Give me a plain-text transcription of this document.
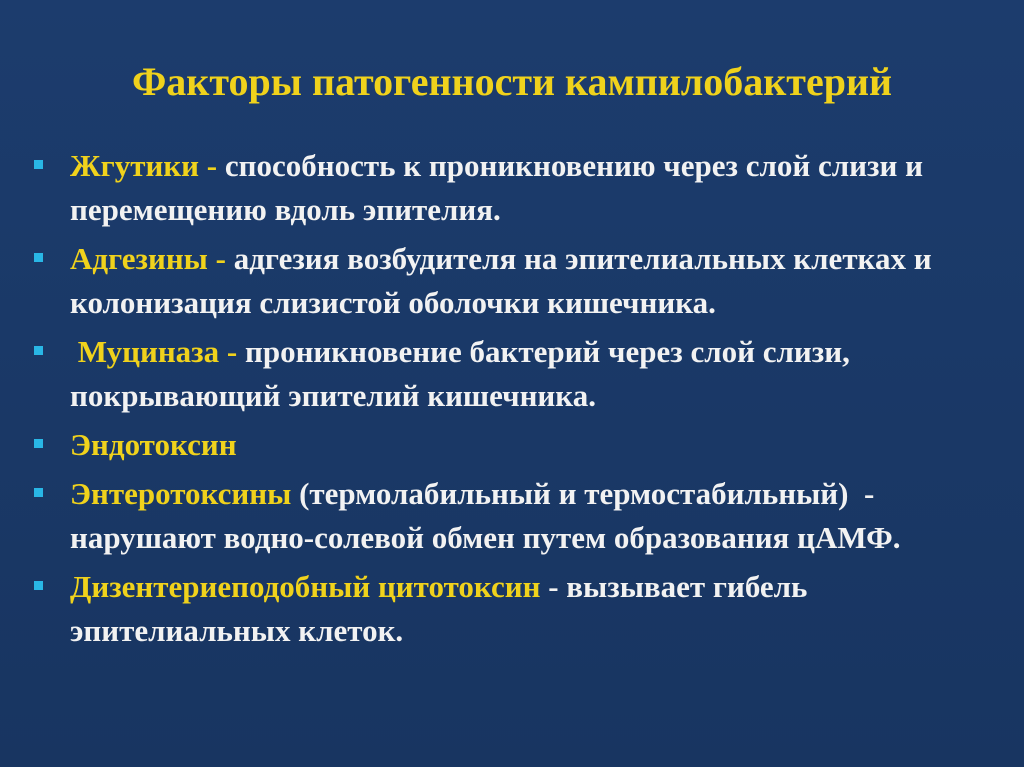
Факторы патогенности кампилобактерий
Жгутики - способность к проникновению через слой слизи и перемещению вдоль эпителия.
Адгезины - адгезия возбудителя на эпителиальных клетках и колонизация слизистой оболочки кишечника.
Муциназа - проникновение бактерий через слой слизи, покрывающий эпителий кишечника.
Эндотоксин
Энтеротоксины (термолабильный и термостабильный)  - нарушают водно-солевой обмен путем образования цАМФ.
Дизентериеподобный цитотоксин - вызывает гибель эпителиальных клеток.
